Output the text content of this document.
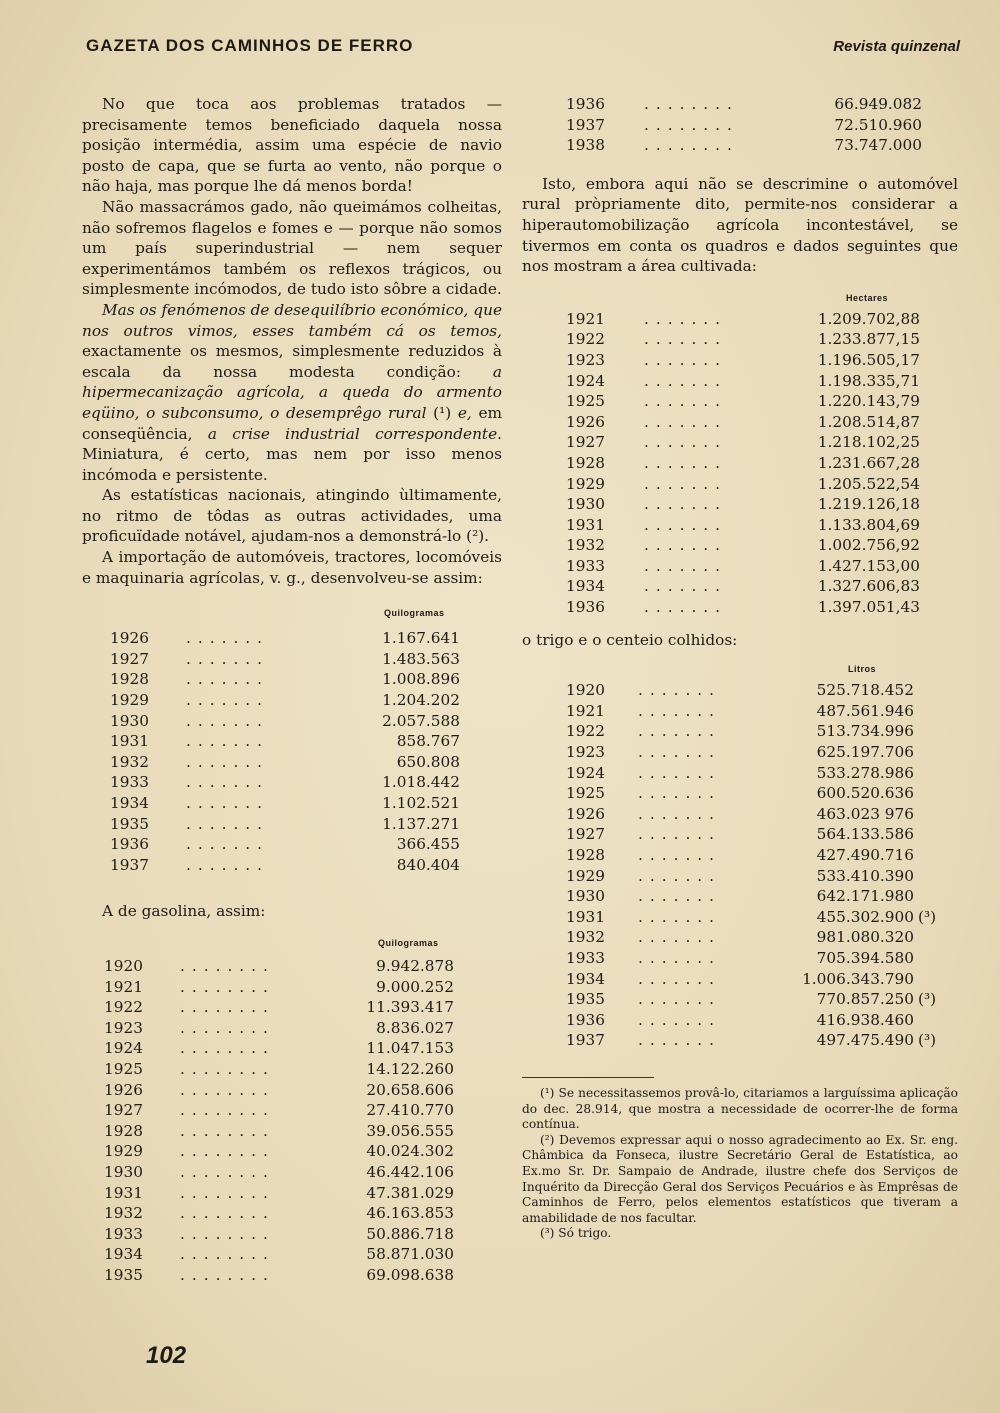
GAZETA DOS CAMINHOS DE FERRO	Revista quinzenal

No que toca aos problemas tratados — precisamente temos beneficiado daquela nossa posição intermédia, assim uma espécie de navio posto de capa, que se furta ao vento, não porque o não haja, mas porque lhe dá menos borda!

Não massacrámos gado, não queimámos colheitas, não sofremos flagelos e fomes e — porque não somos um país superindustrial — nem sequer experimentámos também os reflexos trágicos, ou simplesmente incómodos, de tudo isto sôbre a cidade.

Mas os fenómenos de desequilíbrio económico, que nos outros vimos, esses também cá os temos, exactamente os mesmos, simplesmente reduzidos à escala da nossa modesta condição: a hipermecanização agrícola, a queda do armento eqüino, o subconsumo, o desemprêgo rural (¹) e, em conseqüência, a crise industrial correspondente. Miniatura, é certo, mas nem por isso menos incómoda e persistente.

As estatísticas nacionais, atingindo ùltimamente, no ritmo de tôdas as outras actividades, uma proficuïdade notável, ajudam-nos a demonstrá-lo (²).

A importação de automóveis, tractores, locomóveis e maquinaria agrícolas, v. g., desenvolveu-se assim:

Quilogramas
1926 .......	1.167.641
1927 .......	1.483.563
1928 .......	1.008.896
1929 .......	1.204.202
1930 .......	2.057.588
1931 .......	858.767
1932 .......	650.808
1933 .......	1.018.442
1934 .......	1.102.521
1935 .......	1.137.271
1936 .......	366.455
1937 .......	840.404

A de gasolina, assim:

Quilogramas
1920 ........	9.942.878
1921 ........	9.000.252
1922 ........	11.393.417
1923 ........	8.836.027
1924 ........	11.047.153
1925 ........	14.122.260
1926 ........	20.658.606
1927 ........	27.410.770
1928 ........	39.056.555
1929 ........	40.024.302
1930 ........	46.442.106
1931 ........	47.381.029
1932 ........	46.163.853
1933 ........	50.886.718
1934 ........	58.871.030
1935 ........	69.098.638
1936	........	66.949.082
1937	........	72.510.960
1938	........	73.747.000

Isto, embora aqui não se descrimine o automóvel rural pròpriamente dito, permite-nos considerar a hiperautomobilização agrícola incontestável, se tivermos em conta os quadros e dados seguintes que nos mostram a área cultivada:

Hectares
1921	.......	1.209.702,88
1922	.......	1.233.877,15
1923	.......	1.196.505,17
1924	.......	1.198.335,71
1925	.......	1.220.143,79
1926	.......	1.208.514,87
1927	.......	1.218.102,25
1928	.......	1.231.667,28
1929	.......	1.205.522,54
1930	.......	1.219.126,18
1931	.......	1.133.804,69
1932	.......	1.002.756,92
1933	.......	1.427.153,00
1934	.......	1.327.606,83
1936	.......	1.397.051,43

o trigo e o centeio colhidos:

Litros
1920 .......	525.718.452
1921 .......	487.561.946
1922 .......	513.734.996
1923 .......	625.197.706
1924 .......	533.278.986
1925 .......	600.520.636
1926 .......	463.023 976
1927 .......	564.133.586
1928 .......	427.490.716
1929 .......	533.410.390
1930 .......	642.171.980
1931 .......	455.302.900 (³)
1932 .......	981.080.320
1933 .......	705.394.580
1934 .......	1.006.343.790
1935 .......	770.857.250 (³)
1936 .......	416.938.460
1937 .......	497.475.490 (³)

(¹) Se necessitassemos provâ-lo, citariamos a larguíssima aplicação do dec. 28.914, que mostra a necessidade de ocorrer-lhe de forma contínua.

(²) Devemos expressar aqui o nosso agradecimento ao Ex. Sr. eng. Châmbica da Fonseca, ilustre Secretário Geral de Estatística, ao Ex.mo Sr. Dr. Sampaio de Andrade, ilustre chefe dos Serviços de Inquérito da Direcção Geral dos Serviços Pecuários e às Emprêsas de Caminhos de Ferro, pelos elementos estatísticos que tiveram a amabilidade de nos facultar.

(³) Só trigo.

102
